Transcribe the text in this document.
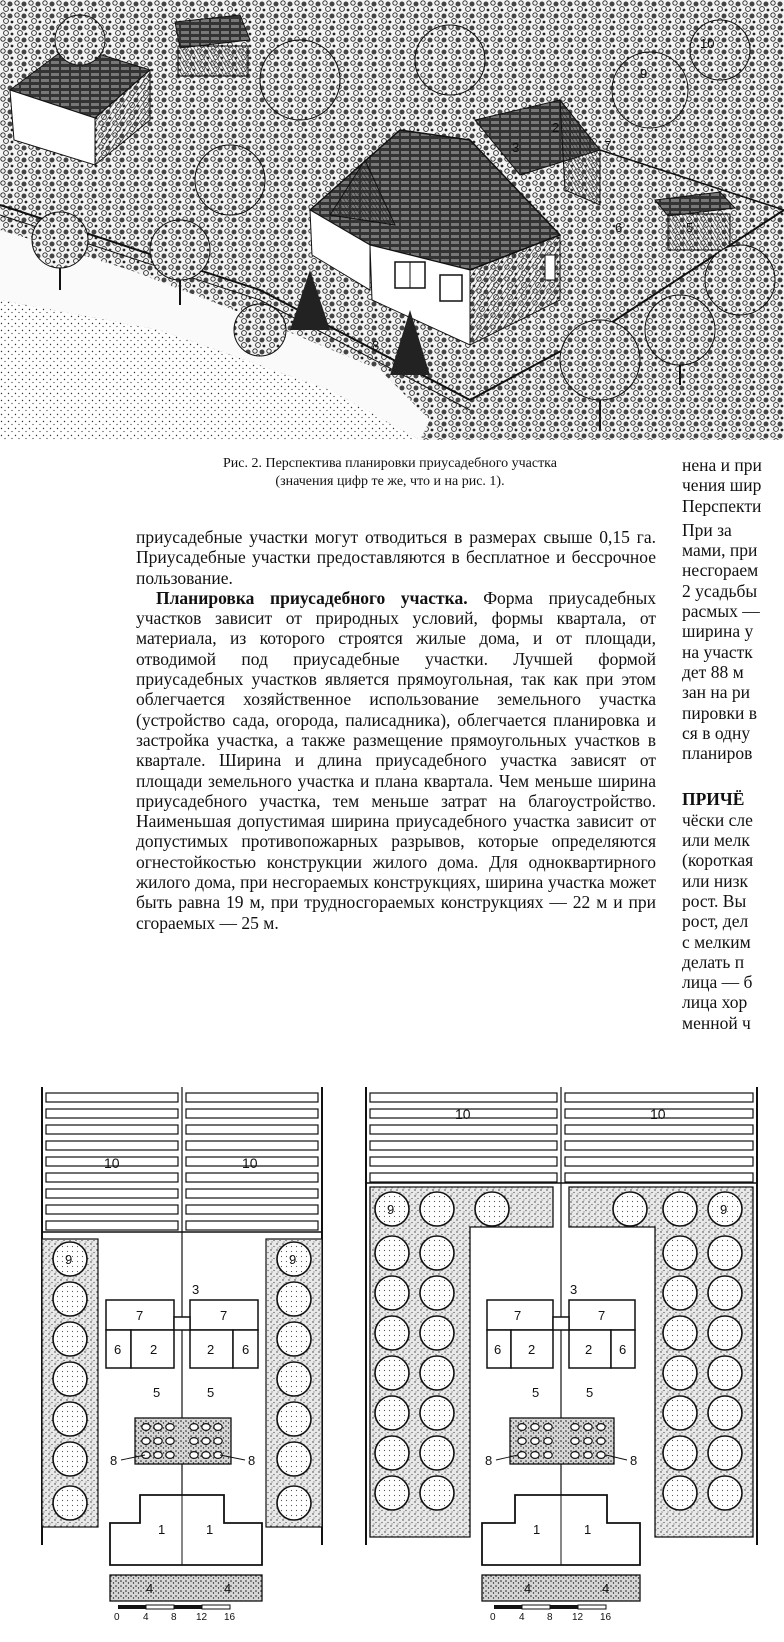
10
9
3
2
7
6	5
8
Рис. 2. Перспектива планировки приусадебного участка
(значения цифр те же, что и на рис. 1).

приусадебные участки могут отводиться в размерах свыше 0,15 га. Приусадебные участки предоставляются в бесплатное и бессрочное пользование.

Планировка приусадебного участка. Форма приусадебных участков зависит от природных условий, формы квартала, от материала, из которого строятся жилые дома, и от площади, отводимой под приусадебные участки. Лучшей формой приусадебных участков является прямоугольная, так как при этом облегчается хозяйственное использование земельного участка (устройство сада, огорода, палисадника), облегчается планировка и застройка участка, а также размещение прямоугольных участков в квартале. Ширина и длина приусадебного участка зависят от площади земельного участка и плана квартала. Чем меньше ширина приусадебного участка, тем меньше затрат на благоустройство. Наименьшая допустимая ширина приусадебного участка зависит от допустимых противопожарных разрывов, которые определяются огнестойкостью конструкции жилого дома. Для одноквартирного жилого дома, при несгораемых конструкциях, ширина участка может быть равна 19 м, при трудносгораемых конструкциях — 22 м и при сгораемых — 25 м.

нена и при
чения шир
Перспекти
При за
мами, при
несгораем
2 усадьбы
расмых —
ширина у
на участк
дет 88 м
зан на ри
пировки в
ся в одну
планиров
ПРИЧЁ
чёски сле
или мелк
(короткая
или низк
рост. Вы
рост, дел
с мелким
делать п
лица — б
лица хор
менной ч
10	10
9	9
3
7	7
6 2	2 6
5	5
8	8
1	1
4	4
0 4 8 12 16
10	10
9	9
3
7	7
6 2	2 6
5	5
8	8
1	1
4	4
0 4 8 12 16
